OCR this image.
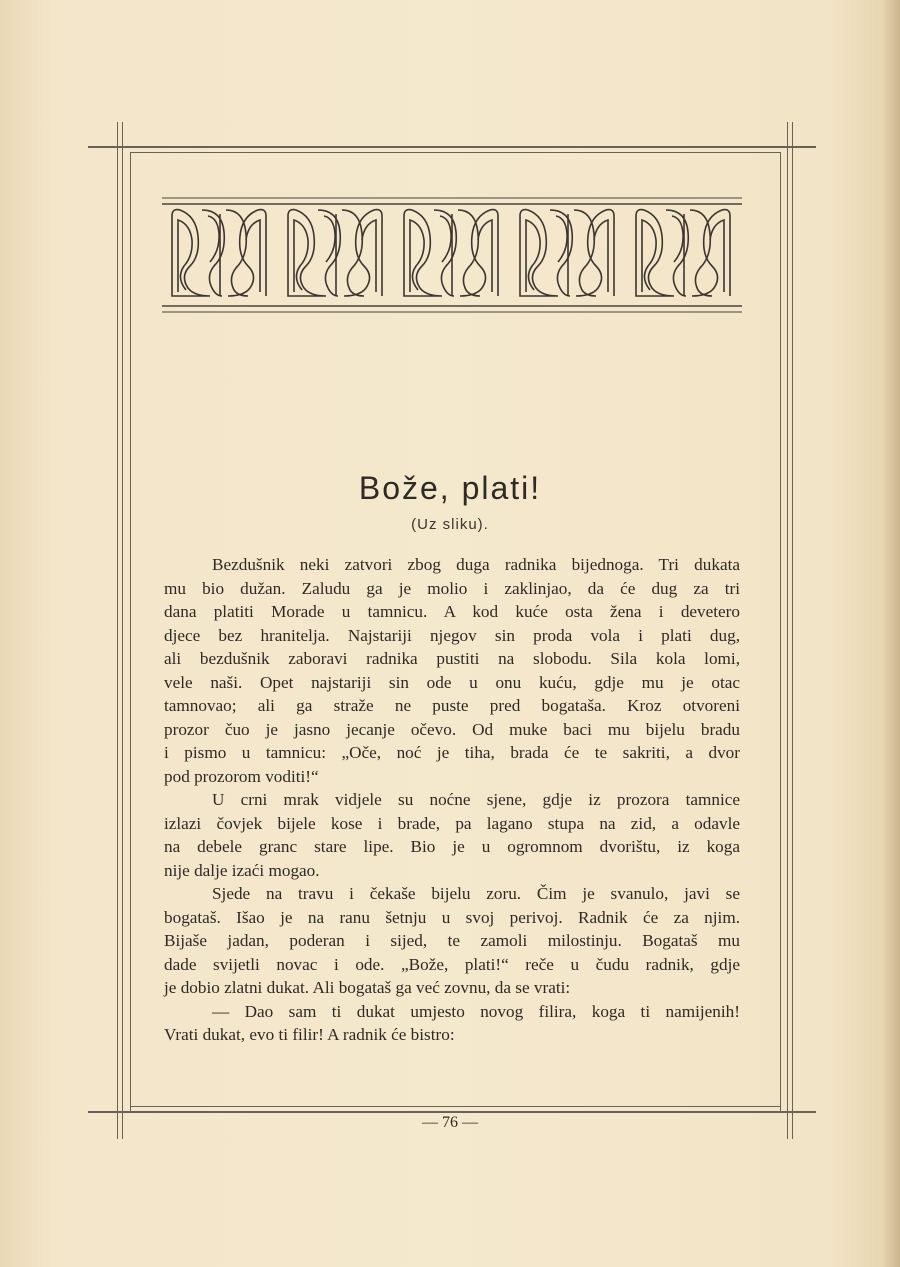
Bože, plati!
(Uz sliku).
Bezdušnik neki zatvori zbog duga radnika bijednoga. Tri dukata
mu bio dužan. Zaludu ga je molio i zaklinjao, da će dug za tri
dana platiti Morade u tamnicu. A kod kuće osta žena i devetero
djece bez hranitelja. Najstariji njegov sin proda vola i plati dug,
ali bezdušnik zaboravi radnika pustiti na slobodu. Sila kola lomi,
vele naši. Opet najstariji sin ode u onu kuću, gdje mu je otac
tamnovao; ali ga straže ne puste pred bogataša. Kroz otvoreni
prozor čuo je jasno jecanje očevo. Od muke baci mu bijelu bradu
i pismo u tamnicu: „Oče, noć je tiha, brada će te sakriti, a dvor
pod prozorom voditi!“
U crni mrak vidjele su noćne sjene, gdje iz prozora tamnice
izlazi čovjek bijele kose i brade, pa lagano stupa na zid, a odavle
na debele granc stare lipe. Bio je u ogromnom dvorištu, iz koga
nije dalje izaći mogao.
Sjede na travu i čekaše bijelu zoru. Čim je svanulo, javi se
bogataš. Išao je na ranu šetnju u svoj perivoj. Radnik će za njim.
Bijaše jadan, poderan i sijed, te zamoli milostinju. Bogataš mu
dade svijetli novac i ode. „Bože, plati!“ reče u čudu radnik, gdje
je dobio zlatni dukat. Ali bogataš ga već zovnu, da se vrati:
— Dao sam ti dukat umjesto novog filira, koga ti namijenih!
Vrati dukat, evo ti filir! A radnik će bistro:
— 76 —
